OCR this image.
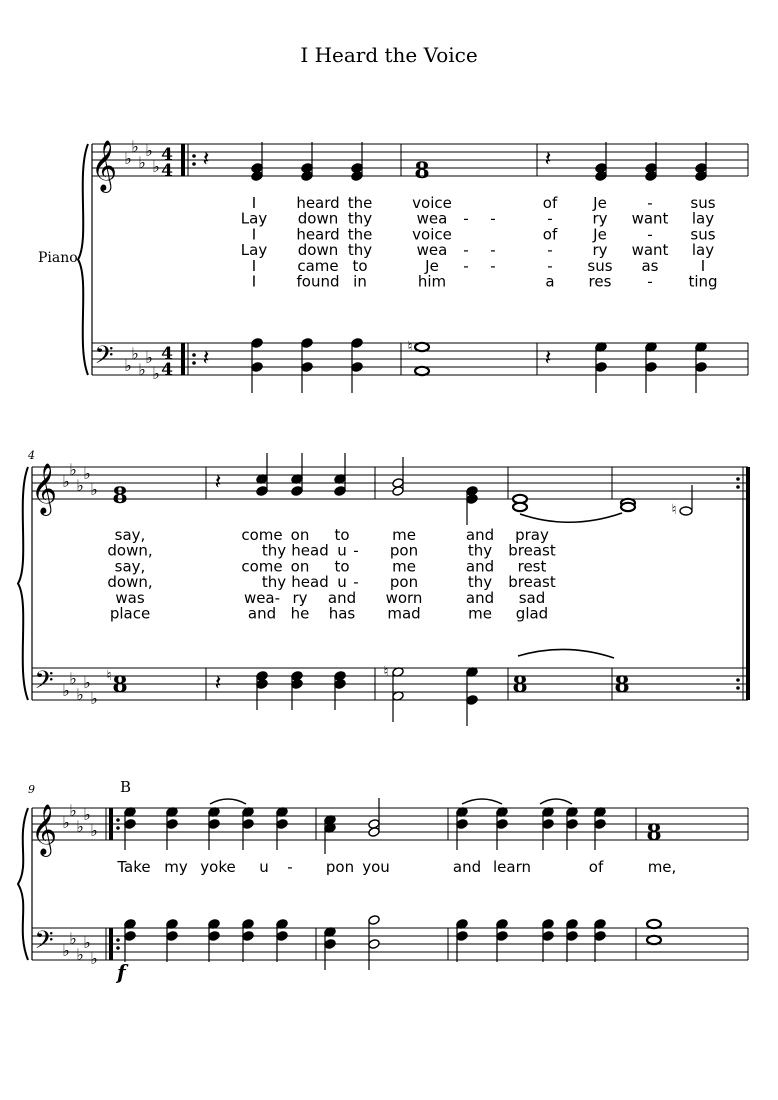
I Heard the Voice
Piano
𝄞
𝄢
♭
♭
♭
♭
♭
♭
♭
♭
♭
♭
4
4
4
4
𝄽
𝄽
8
♮
𝄽
𝄽
𝄞
𝄢
♭
♭
♭
♭
♭
♭
♭
♭
♭
♭
8
8
♮
𝄽
𝄽	♮	8
♮
8
𝄞
𝄢
♭
♭
♭
♭
♭
♭
♭
♭
♭
♭
8
4
9	B
f
I	heard the	voice	of Je	-	sus
Lay down thy	wea - -	-	ry want lay
I	heard the	voice	of Je	-	sus
Lay down thy	wea - -	-	ry want lay
I	came to	Je - -	- sus as	I
I	found in	him	a res - ting
say,	come on to	me	and pray
down,	thy head u - pon	thy breast
say,	come on to	me	and rest
down,	thy head u - pon	thy breast
was	wea- ry and worn	and sad
place	and he has mad	me glad
Take my yoke u - pon you	and learn	of	me,
